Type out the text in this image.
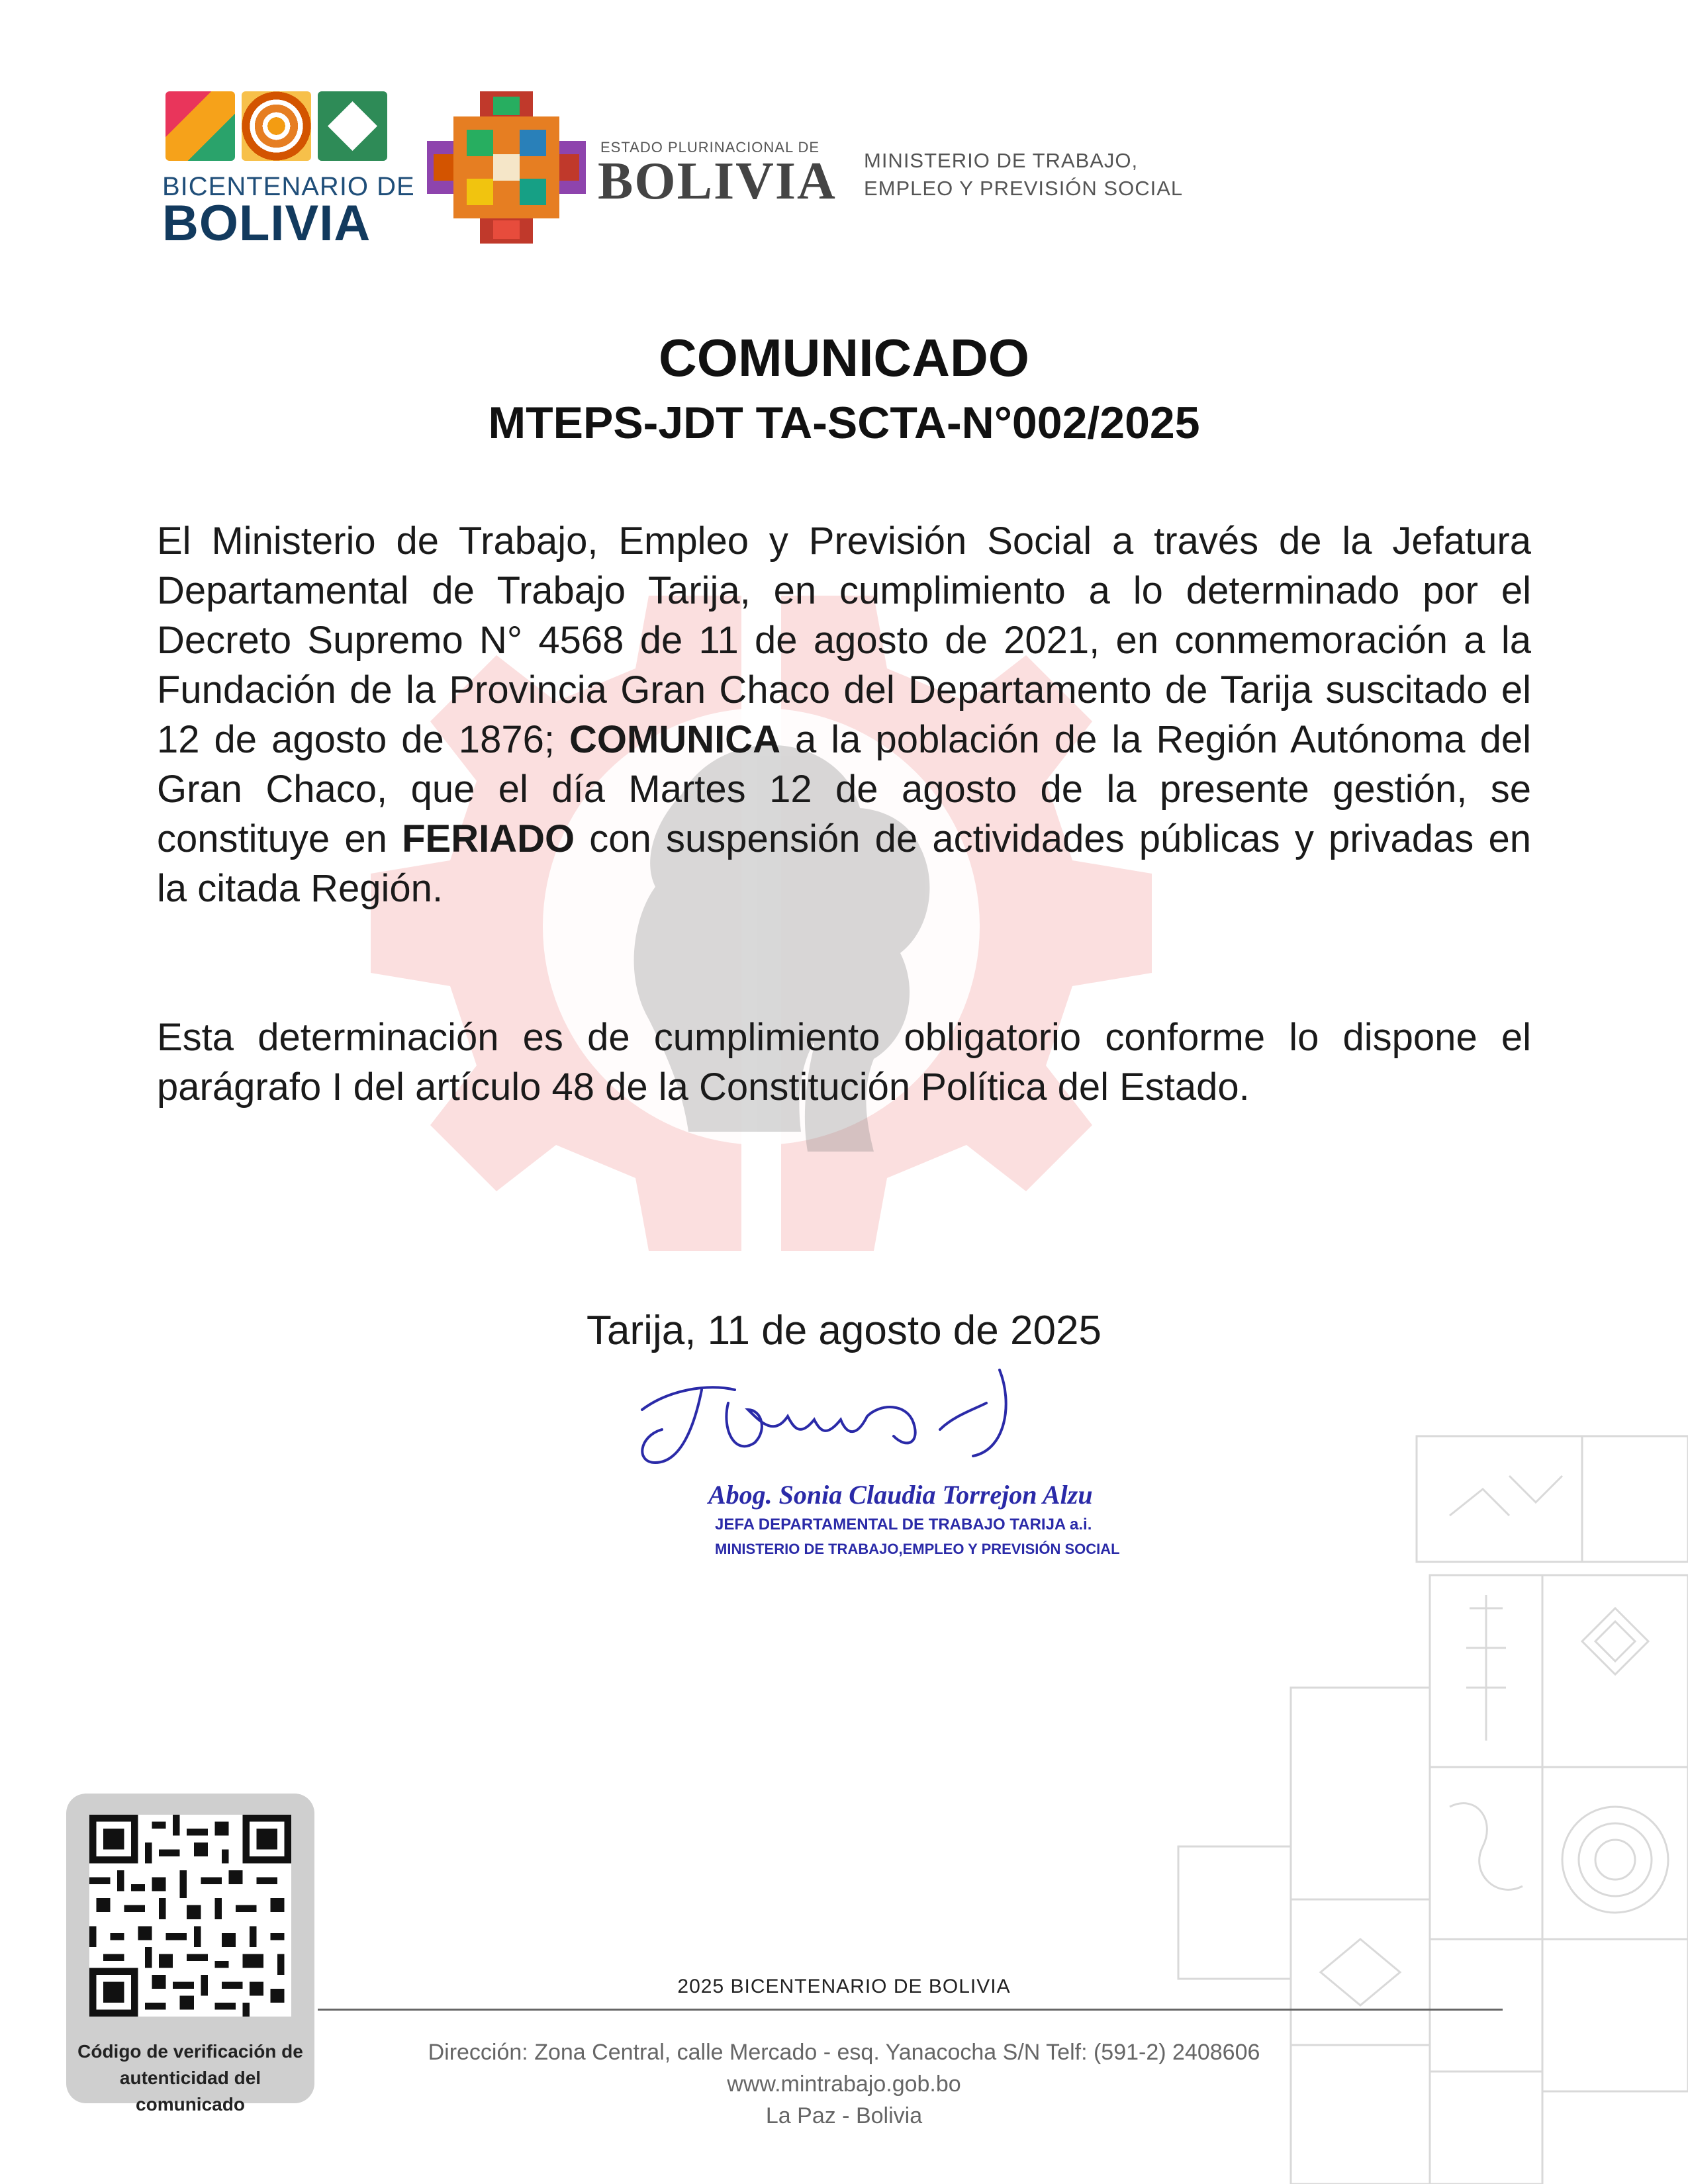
BICENTENARIO DE
BOLIVIA
ESTADO PLURINACIONAL DE
BOLIVIA MINISTERIO DE TRABAJO,
EMPLEO Y PREVISIÓN SOCIAL
COMUNICADO
MTEPS-JDT TA-SCTA-N°002/2025
El Ministerio de Trabajo, Empleo y Previsión Social a través de la Jefatura Departamental de Trabajo Tarija, en cumplimiento a lo determinado por el Decreto Supremo N° 4568 de 11 de agosto de 2021, en conmemoración a la Fundación de la Provincia Gran Chaco del Departamento de Tarija suscitado el 12 de agosto de 1876; COMUNICA a la población de la Región Autónoma del Gran Chaco, que el día Martes 12 de agosto de la presente gestión, se constituye en FERIADO con suspensión de actividades públicas y privadas en la citada Región.
Esta determinación es de cumplimiento obligatorio conforme lo dispone el parágrafo I del artículo 48 de la Constitución Política del Estado.
Tarija, 11 de agosto de 2025
Abog. Sonia Claudia Torrejon Alzu
JEFA DEPARTAMENTAL DE TRABAJO TARIJA a.i.
MINISTERIO DE TRABAJO,EMPLEO Y PREVISIÓN SOCIAL
Código de verificación de
autenticidad del comunicado
2025 BICENTENARIO DE BOLIVIA
Dirección: Zona Central, calle Mercado - esq. Yanacocha S/N Telf: (591-2) 2408606
www.mintrabajo.gob.bo
La Paz - Bolivia
